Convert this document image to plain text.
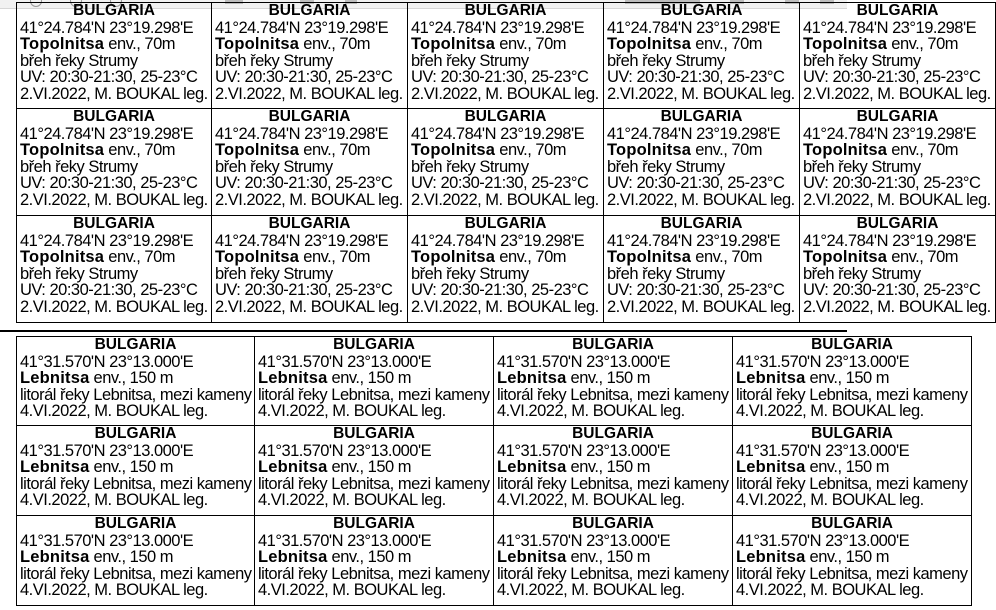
BULGARIA
41°24.784'N 23°19.298'E
Topolnitsa env., 70m
břeh řeky Strumy
UV: 20:30-21:30, 25-23°C
2.VI.2022, M. BOUKAL leg.
BULGARIA
41°24.784'N 23°19.298'E
Topolnitsa env., 70m
břeh řeky Strumy
UV: 20:30-21:30, 25-23°C
2.VI.2022, M. BOUKAL leg.
BULGARIA
41°24.784'N 23°19.298'E
Topolnitsa env., 70m
břeh řeky Strumy
UV: 20:30-21:30, 25-23°C
2.VI.2022, M. BOUKAL leg.
BULGARIA
41°24.784'N 23°19.298'E
Topolnitsa env., 70m
břeh řeky Strumy
UV: 20:30-21:30, 25-23°C
2.VI.2022, M. BOUKAL leg.
BULGARIA
41°24.784'N 23°19.298'E
Topolnitsa env., 70m
břeh řeky Strumy
UV: 20:30-21:30, 25-23°C
2.VI.2022, M. BOUKAL leg.
BULGARIA
41°24.784'N 23°19.298'E
Topolnitsa env., 70m
břeh řeky Strumy
UV: 20:30-21:30, 25-23°C
2.VI.2022, M. BOUKAL leg.
BULGARIA
41°24.784'N 23°19.298'E
Topolnitsa env., 70m
břeh řeky Strumy
UV: 20:30-21:30, 25-23°C
2.VI.2022, M. BOUKAL leg.
BULGARIA
41°24.784'N 23°19.298'E
Topolnitsa env., 70m
břeh řeky Strumy
UV: 20:30-21:30, 25-23°C
2.VI.2022, M. BOUKAL leg.
BULGARIA
41°24.784'N 23°19.298'E
Topolnitsa env., 70m
břeh řeky Strumy
UV: 20:30-21:30, 25-23°C
2.VI.2022, M. BOUKAL leg.
BULGARIA
41°24.784'N 23°19.298'E
Topolnitsa env., 70m
břeh řeky Strumy
UV: 20:30-21:30, 25-23°C
2.VI.2022, M. BOUKAL leg.
BULGARIA
41°24.784'N 23°19.298'E
Topolnitsa env., 70m
břeh řeky Strumy
UV: 20:30-21:30, 25-23°C
2.VI.2022, M. BOUKAL leg.
BULGARIA
41°24.784'N 23°19.298'E
Topolnitsa env., 70m
břeh řeky Strumy
UV: 20:30-21:30, 25-23°C
2.VI.2022, M. BOUKAL leg.
BULGARIA
41°24.784'N 23°19.298'E
Topolnitsa env., 70m
břeh řeky Strumy
UV: 20:30-21:30, 25-23°C
2.VI.2022, M. BOUKAL leg.
BULGARIA
41°24.784'N 23°19.298'E
Topolnitsa env., 70m
břeh řeky Strumy
UV: 20:30-21:30, 25-23°C
2.VI.2022, M. BOUKAL leg.
BULGARIA
41°24.784'N 23°19.298'E
Topolnitsa env., 70m
břeh řeky Strumy
UV: 20:30-21:30, 25-23°C
2.VI.2022, M. BOUKAL leg.
BULGARIA
41°31.570'N 23°13.000'E
Lebnitsa env., 150 m
litorál řeky Lebnitsa, mezi kameny
4.VI.2022, M. BOUKAL leg.
BULGARIA
41°31.570'N 23°13.000'E
Lebnitsa env., 150 m
litorál řeky Lebnitsa, mezi kameny
4.VI.2022, M. BOUKAL leg.
BULGARIA
41°31.570'N 23°13.000'E
Lebnitsa env., 150 m
litorál řeky Lebnitsa, mezi kameny
4.VI.2022, M. BOUKAL leg.
BULGARIA
41°31.570'N 23°13.000'E
Lebnitsa env., 150 m
litorál řeky Lebnitsa, mezi kameny
4.VI.2022, M. BOUKAL leg.
BULGARIA
41°31.570'N 23°13.000'E
Lebnitsa env., 150 m
litorál řeky Lebnitsa, mezi kameny
4.VI.2022, M. BOUKAL leg.
BULGARIA
41°31.570'N 23°13.000'E
Lebnitsa env., 150 m
litorál řeky Lebnitsa, mezi kameny
4.VI.2022, M. BOUKAL leg.
BULGARIA
41°31.570'N 23°13.000'E
Lebnitsa env., 150 m
litorál řeky Lebnitsa, mezi kameny
4.VI.2022, M. BOUKAL leg.
BULGARIA
41°31.570'N 23°13.000'E
Lebnitsa env., 150 m
litorál řeky Lebnitsa, mezi kameny
4.VI.2022, M. BOUKAL leg.
BULGARIA
41°31.570'N 23°13.000'E
Lebnitsa env., 150 m
litorál řeky Lebnitsa, mezi kameny
4.VI.2022, M. BOUKAL leg.
BULGARIA
41°31.570'N 23°13.000'E
Lebnitsa env., 150 m
litorál řeky Lebnitsa, mezi kameny
4.VI.2022, M. BOUKAL leg.
BULGARIA
41°31.570'N 23°13.000'E
Lebnitsa env., 150 m
litorál řeky Lebnitsa, mezi kameny
4.VI.2022, M. BOUKAL leg.
BULGARIA
41°31.570'N 23°13.000'E
Lebnitsa env., 150 m
litorál řeky Lebnitsa, mezi kameny
4.VI.2022, M. BOUKAL leg.
